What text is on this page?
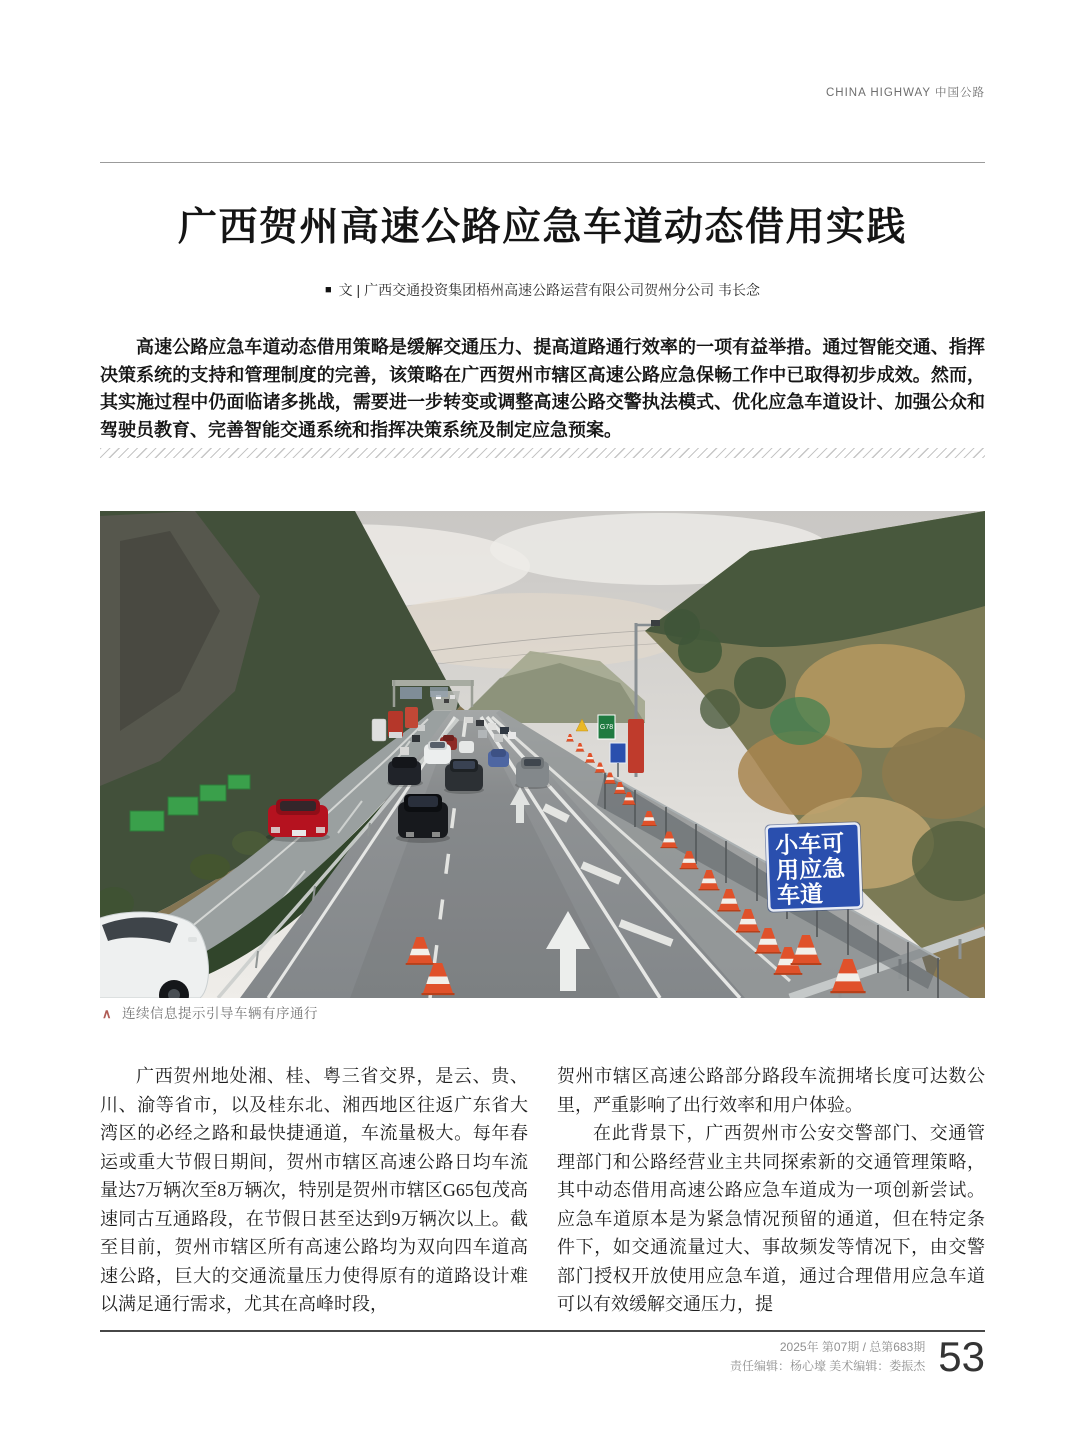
CHINA HIGHWAY 中国公路
广西贺州高速公路应急车道动态借用实践
■ 文 | 广西交通投资集团梧州高速公路运营有限公司贺州分公司 韦长念

高速公路应急车道动态借用策略是缓解交通压力、提高道路通行效率的一项有益举措。通过智能交通、指挥决策系统的支持和管理制度的完善，该策略在广西贺州市辖区高速公路应急保畅工作中已取得初步成效。然而，其实施过程中仍面临诸多挑战，需要进一步转变或调整高速公路交警执法模式、优化应急车道设计、加强公众和驾驶员教育、完善智能交通系统和指挥决策系统及制定应急预案。

G78
小车可
用应急
车道
∧ 连续信息提示引导车辆有序通行

广西贺州地处湘、桂、粤三省交界，是云、贵、川、渝等省市，以及桂东北、湘西地区往返广东省大湾区的必经之路和最快捷通道，车流量极大。每年春运或重大节假日期间，贺州市辖区高速公路日均车流量达7万辆次至8万辆次，特别是贺州市辖区G65包茂高速同古互通路段，在节假日甚至达到9万辆次以上。截至目前，贺州市辖区所有高速公路均为双向四车道高速公路，巨大的交通流量压力使得原有的道路设计难以满足通行需求，尤其在高峰时段，

贺州市辖区高速公路部分路段车流拥堵长度可达数公里，严重影响了出行效率和用户体验。

在此背景下，广西贺州市公安交警部门、交通管理部门和公路经营业主共同探索新的交通管理策略，其中动态借用高速公路应急车道成为一项创新尝试。应急车道原本是为紧急情况预留的通道，但在特定条件下，如交通流量过大、事故频发等情况下，由交警部门授权开放使用应急车道，通过合理借用应急车道可以有效缓解交通压力，提

2025年 第07期 / 总第683期
责任编辑：杨心壕 美术编辑：娄振杰 53
